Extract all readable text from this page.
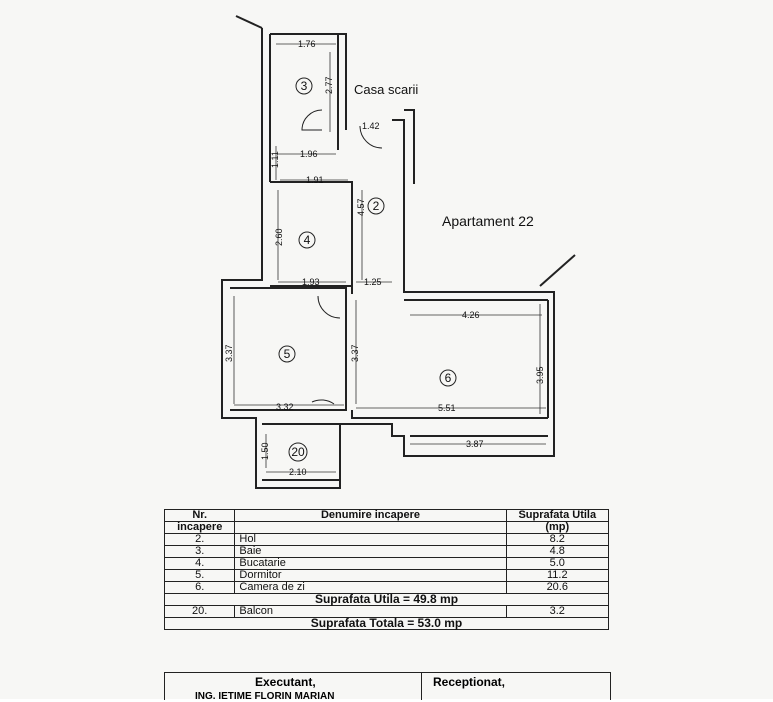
1.76
1.96
1.91
1.93	1.25
4.26
3.32	5.51
3.87
2.10
1.42
2.77
1.11
4.57
2.60
3.37	3.37
3.95
1.50
3
2
4
5
6
20
Casa scarii
Apartament 22
Nr.	Denumire incapere	Suprafata Utila
incapere		(mp)
2.	Hol	8.2
3.	Baie	4.8
4.	Bucatarie	5.0
5.	Dormitor	11.2
6.	Camera de zi	20.6
Suprafata Utila = 49.8 mp		
20.	Balcon	3.2
Suprafata Totala = 53.0 mp		
Executant,	Receptionat,
ING. IETIME FLORIN MARIAN
